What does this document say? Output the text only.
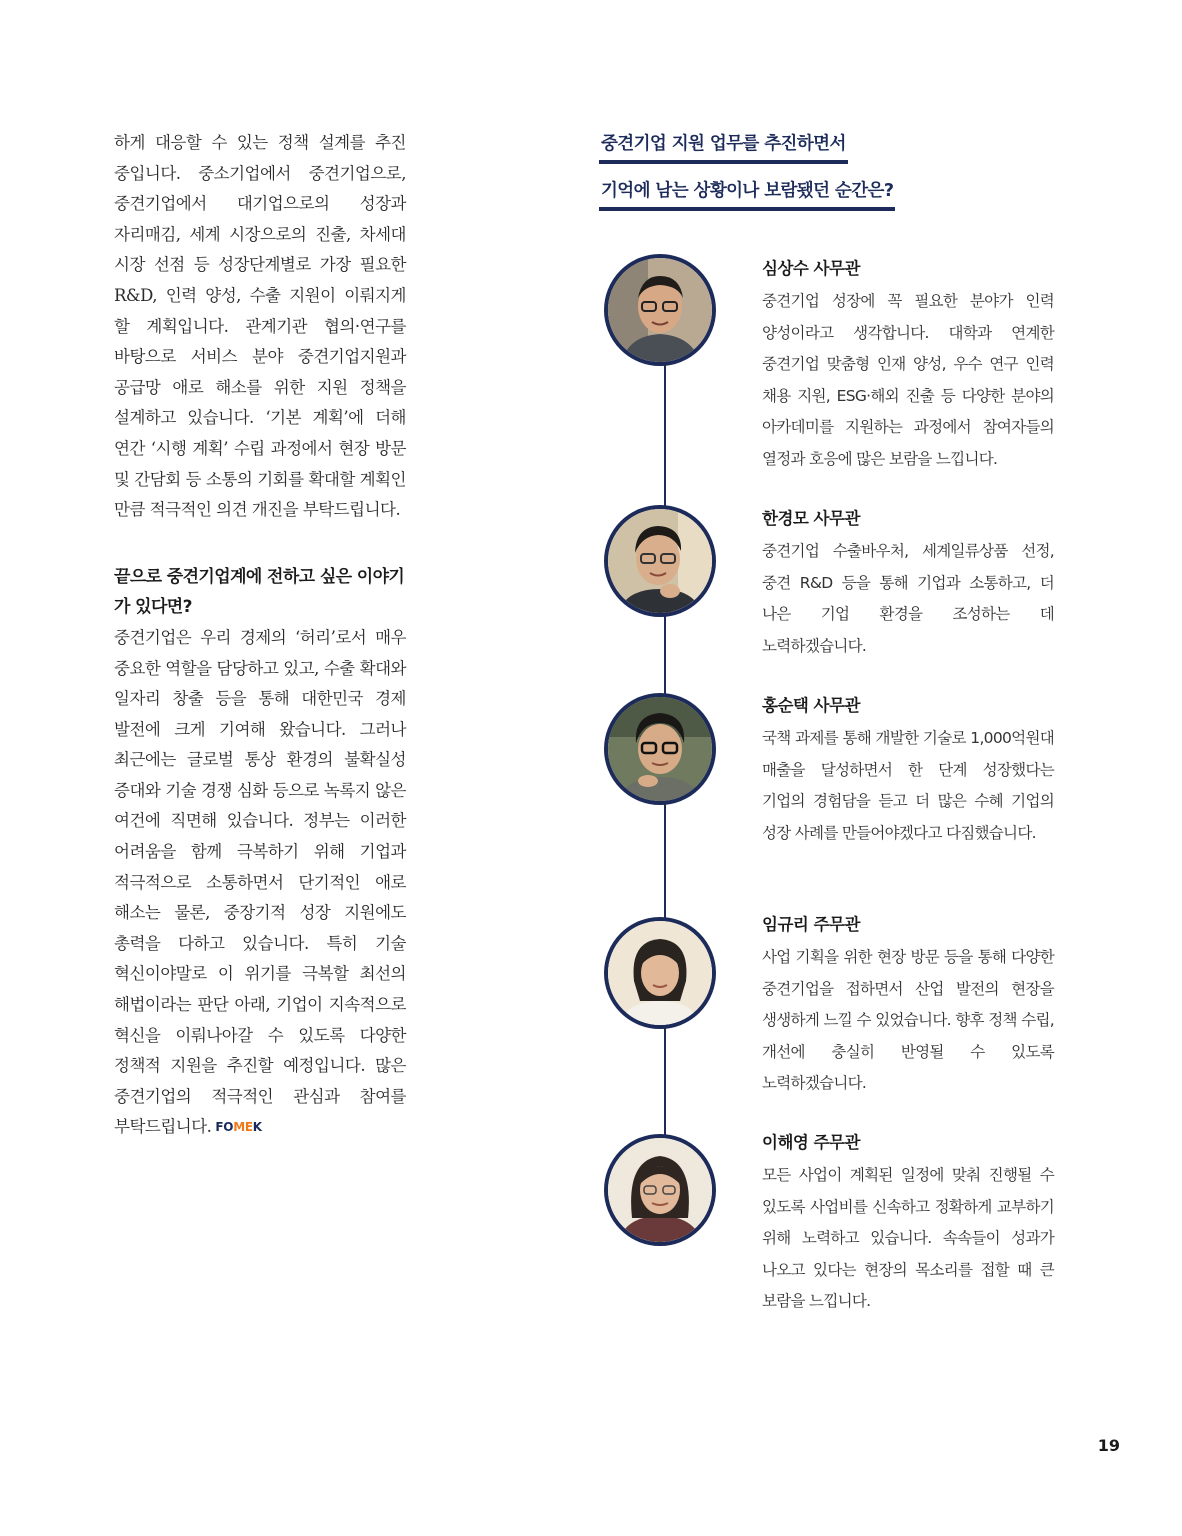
하게 대응할 수 있는 정책 설계를 추진 중입니다. 중소기업에서 중견기업으로, 중견기업에서 대기업으로의 성장과 자리매김, 세계 시장으로의 진출, 차세대 시장 선점 등 성장단계별로 가장 필요한 R&D, 인력 양성, 수출 지원이 이뤄지게 할 계획입니다. 관계기관 협의·연구를 바탕으로 서비스 분야 중견기업지원과 공급망 애로 해소를 위한 지원 정책을 설계하고 있습니다. ‘기본 계획’에 더해 연간 ‘시행 계획’ 수립 과정에서 현장 방문 및 간담회 등 소통의 기회를 확대할 계획인 만큼 적극적인 의견 개진을 부탁드립니다.

끝으로 중견기업계에 전하고 싶은 이야기가 있다면?

중견기업은 우리 경제의 ‘허리’로서 매우 중요한 역할을 담당하고 있고, 수출 확대와 일자리 창출 등을 통해 대한민국 경제 발전에 크게 기여해 왔습니다. 그러나 최근에는 글로벌 통상 환경의 불확실성 증대와 기술 경쟁 심화 등으로 녹록지 않은 여건에 직면해 있습니다. 정부는 이러한 어려움을 함께 극복하기 위해 기업과 적극적으로 소통하면서 단기적인 애로 해소는 물론, 중장기적 성장 지원에도 총력을 다하고 있습니다. 특히 기술 혁신이야말로 이 위기를 극복할 최선의 해법이라는 판단 아래, 기업이 지속적으로 혁신을 이뤄나아갈 수 있도록 다양한 정책적 지원을 추진할 예정입니다. 많은 중견기업의 적극적인 관심과 참여를 부탁드립니다. FOMEK

중견기업 지원 업무를 추진하면서
기억에 남는 상황이나 보람됐던 순간은?

심상수 사무관

중견기업 성장에 꼭 필요한 분야가 인력 양성이라고 생각합니다. 대학과 연계한 중견기업 맞춤형 인재 양성, 우수 연구 인력 채용 지원, ESG·해외 진출 등 다양한 분야의 아카데미를 지원하는 과정에서 참여자들의 열정과 호응에 많은 보람을 느낍니다.

한경모 사무관

중견기업 수출바우처, 세계일류상품 선정, 중견 R&D 등을 통해 기업과 소통하고, 더 나은 기업 환경을 조성하는 데 노력하겠습니다.

홍순택 사무관

국책 과제를 통해 개발한 기술로 1,000억원대 매출을 달성하면서 한 단계 성장했다는 기업의 경험담을 듣고 더 많은 수혜 기업의 성장 사례를 만들어야겠다고 다짐했습니다.

임규리 주무관

사업 기획을 위한 현장 방문 등을 통해 다양한 중견기업을 접하면서 산업 발전의 현장을 생생하게 느낄 수 있었습니다. 향후 정책 수립, 개선에 충실히 반영될 수 있도록 노력하겠습니다.

이해영 주무관

모든 사업이 계획된 일정에 맞춰 진행될 수 있도록 사업비를 신속하고 정확하게 교부하기 위해 노력하고 있습니다. 속속들이 성과가 나오고 있다는 현장의 목소리를 접할 때 큰 보람을 느낍니다.

19
